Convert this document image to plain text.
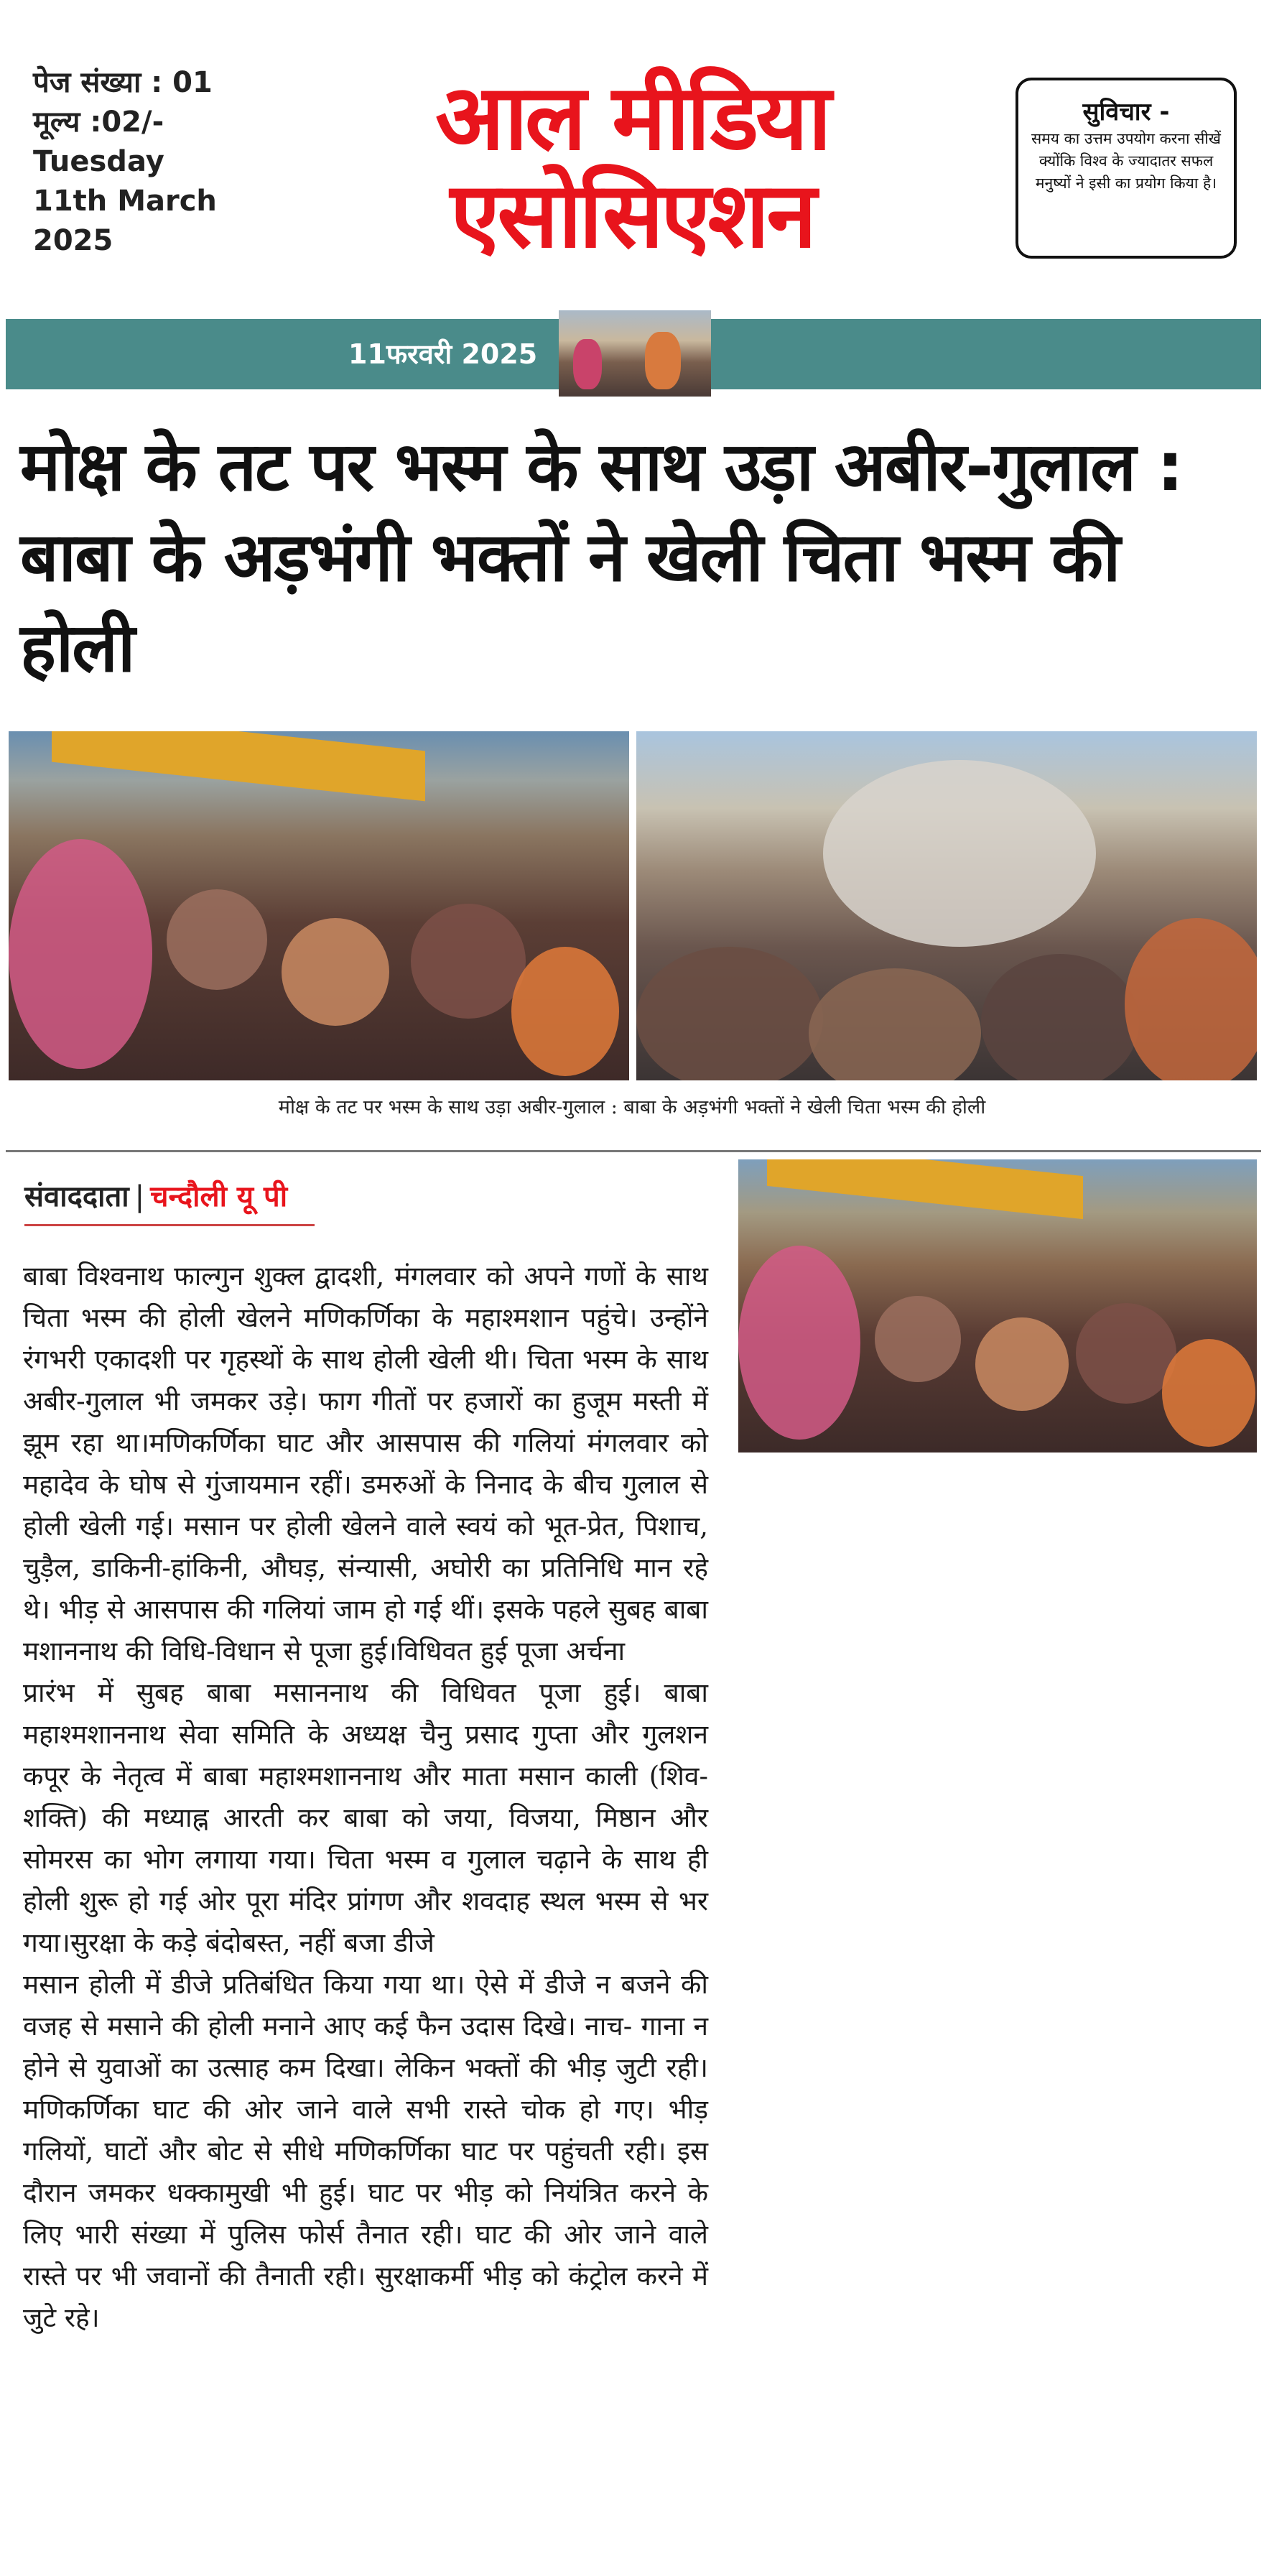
पेज संख्या : 01
मूल्य :02/-
Tuesday
11th March
2025
आल मीडिया
एसोसिएशन
सुविचार -
समय का उत्तम उपयोग करना सीखें क्योंकि विश्व के ज्यादातर सफल मनुष्यों ने इसी का प्रयोग किया है।
11फरवरी 2025
मोक्ष के तट पर भस्म के साथ उड़ा अबीर-गुलाल : बाबा के अड़भंगी भक्तों ने खेली चिता भस्म की होली
मोक्ष के तट पर भस्म के साथ उड़ा अबीर-गुलाल : बाबा के अड़भंगी भक्तों ने खेली चिता भस्म की होली
संवाददाता | चन्दौली यू पी

बाबा विश्वनाथ फाल्गुन शुक्ल द्वादशी, मंगलवार को अपने गणों के साथ चिता भस्म की होली खेलने मणिकर्णिका के महाश्मशान पहुंचे। उन्होंने रंगभरी एकादशी पर गृहस्थों के साथ होली खेली थी। चिता भस्म के साथ अबीर-गुलाल भी जमकर उड़े। फाग गीतों पर हजारों का हुजूम मस्ती में झूम रहा था।मणिकर्णिका घाट और आसपास की गलियां मंगलवार को महादेव के घोष से गुंजायमान रहीं। डमरुओं के निनाद के बीच गुलाल से होली खेली गई। मसान पर होली खेलने वाले स्वयं को भूत-प्रेत, पिशाच, चुड़ैल, डाकिनी-हांकिनी, औघड़, संन्यासी, अघोरी का प्रतिनिधि मान रहे थे। भीड़ से आसपास की गलियां जाम हो गई थीं। इसके पहले सुबह बाबा मशाननाथ की विधि-विधान से पूजा हुई।विधिवत हुई पूजा अर्चना

प्रारंभ में सुबह बाबा मसाननाथ की विधिवत पूजा हुई। बाबा महाश्मशाननाथ सेवा समिति के अध्यक्ष चैनु प्रसाद गुप्ता और गुलशन कपूर के नेतृत्व में बाबा महाश्मशाननाथ और माता मसान काली (शिव-शक्ति) की मध्याह्न आरती कर बाबा को जया, विजया, मिष्ठान और सोमरस का भोग लगाया गया। चिता भस्म व गुलाल चढ़ाने के साथ ही होली शुरू हो गई ओर पूरा मंदिर प्रांगण और शवदाह स्थल भस्म से भर गया।सुरक्षा के कड़े बंदोबस्त, नहीं बजा डीजे

मसान होली में डीजे प्रतिबंधित किया गया था। ऐसे में डीजे न बजने की वजह से मसाने की होली मनाने आए कई फैन उदास दिखे। नाच- गाना न होने से युवाओं का उत्साह कम दिखा। लेकिन भक्तों की भीड़ जुटी रही। मणिकर्णिका घाट की ओर जाने वाले सभी रास्ते चोक हो गए। भीड़ गलियों, घाटों और बोट से सीधे मणिकर्णिका घाट पर पहुंचती रही। इस दौरान जमकर धक्कामुखी भी हुई। घाट पर भीड़ को नियंत्रित करने के लिए भारी संख्या में पुलिस फोर्स तैनात रही। घाट की ओर जाने वाले रास्ते पर भी जवानों की तैनाती रही। सुरक्षाकर्मी भीड़ को कंट्रोल करने में जुटे रहे।
